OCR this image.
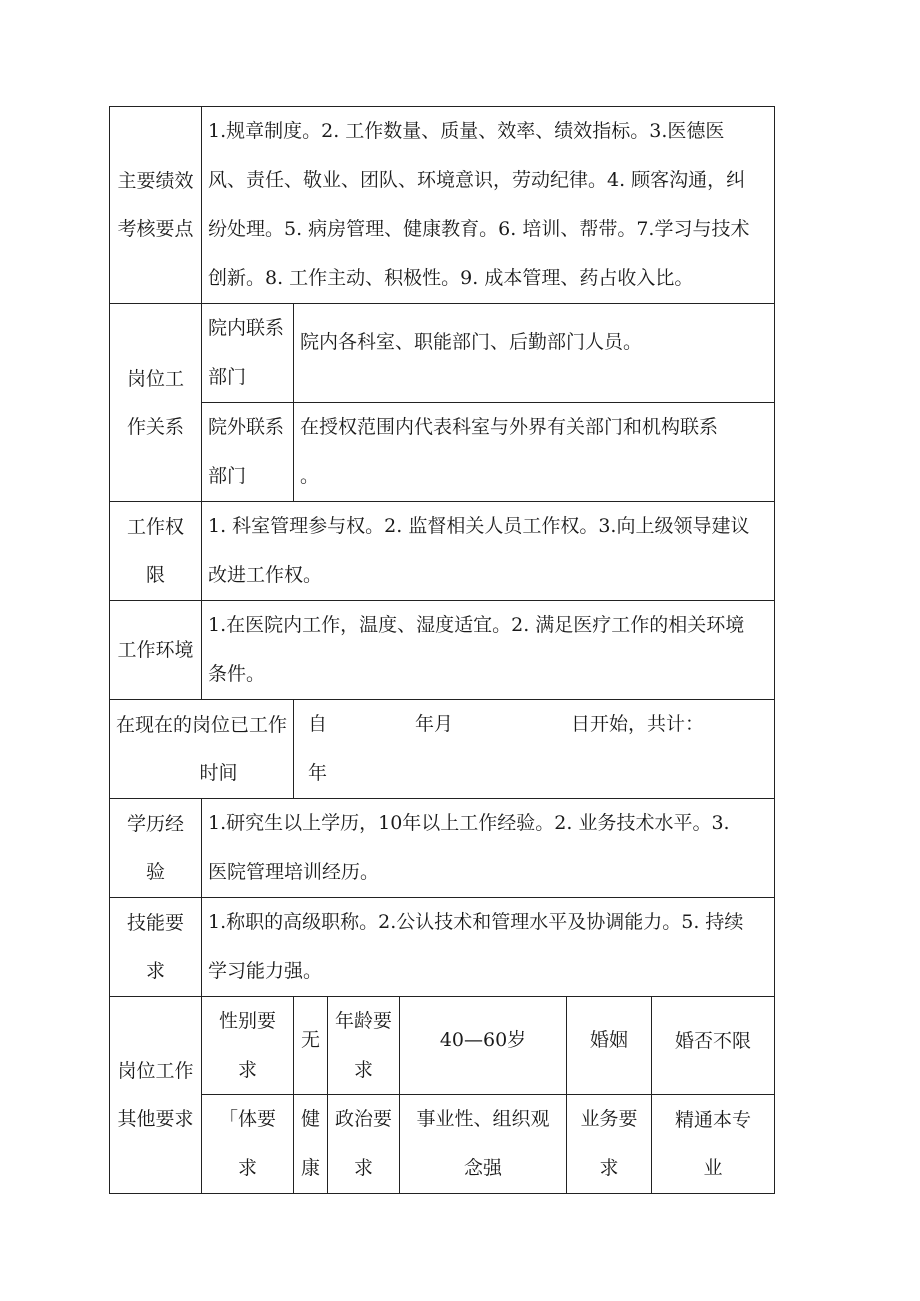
主要绩效
考核要点	1.规章制度。2. 工作数量、质量、效率、绩效指标。3.医德医
风、责任、敬业、团队、环境意识，劳动纪律。4. 顾客沟通，纠
纷处理。5. 病房管理、健康教育。6. 培训、帮带。7.学习与技术
创新。8. 工作主动、积极性。9. 成本管理、药占收入比。					

岗位工
作关系	院内联系
部门	院内各科室、职能部门、后勤部门人员。				

	院外联系
部门	在授权范围内代表科室与外界有关部门和机构联系
。				

工作权
限	1. 科室管理参与权。2. 监督相关人员工作权。3.向上级领导建议
改进工作权。					

工作环境	1.在医院内工作，温度、湿度适宜。2. 满足医疗工作的相关环境
条件。					

在现在的岗位已工作
时间		自 年月 日开始，共计：
年				

学历经
验	1.研究生以上学历，10年以上工作经验。2. 业务技术水平。3.
医院管理培训经历。					

技能要
求	1.称职的高级职称。2.公认技术和管理水平及协调能力。5. 持续
学习能力强。					

岗位工作
其他要求	性别要
求	无	年龄要
求	40—60岁	婚姻	婚否不限

	「体要
求	健
康	政治要
求	事业性、组织观
念强	业务要
求	精通本专
业
